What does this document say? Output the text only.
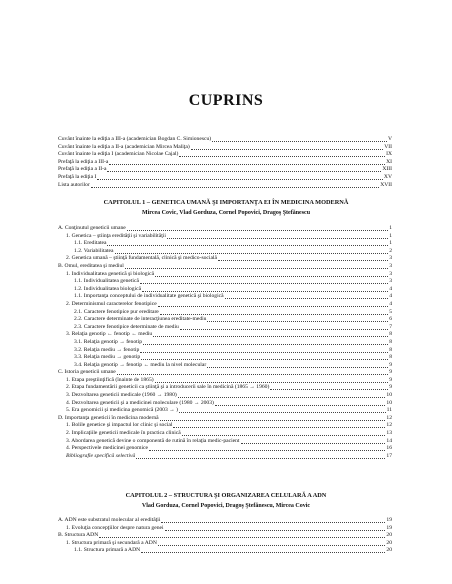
CUPRINS
Cuvânt înainte la ediţia a III-a (academician Bogdan C. Simionescu)	V
Cuvânt înainte la ediţia a II-a (academician Mircea Maliţa)	VII
Cuvânt înainte la ediţia I (academician Nicolae Cajal)	IX
Prefaţă la ediţia a III-a	XI
Prefaţă la ediţia a II-a	XIII
Prefaţă la ediţia I	XV
Lista autorilor	XVII
CAPITOLUL 1 – GENETICA UMANĂ ŞI IMPORTANŢA EI ÎN MEDICINA MODERNĂ
Mircea Covic, Vlad Gorduza, Cornel Popovici, Dragoş Ştefănescu
A. Conţinutul geneticii umane	1
1. Genetica – ştiinţa eredităţii şi variabilităţii	1
1.1. Ereditatea	1
1.2. Variabilitatea	2
2. Genetica umană – ştiinţă fundamentală, clinică şi medico-socială	3
B. Omul, ereditatea şi mediul	3
1. Individualitatea genetică şi biologică	3
1.1. Individualitatea genetică	3
1.2. Individualitatea biologică	4
1.1. Importanţa conceptului de individualitate genetică şi biologică	4
2. Determinismul caracterelor fenotipice	4
2.1. Caractere fenotipice pur ereditare	5
2.2. Caractere determinate de interacţiunea ereditate-mediu	6
2.3. Caractere fenotipice determinate de mediu	7
3. Relaţia genotip ← fenotip ← mediu	8
3.1. Relaţia genotip → fenotip	8
3.2. Relaţia mediu → fenotip	8
3.3. Relaţia mediu → genotip	8
3.4. Relaţia genotip → fenotip ← mediu la nivel molecular	9
C. Istoria geneticii umane	9
1. Etapa preştiinţifică (înainte de 1865)	9
2. Etapa fundamentării geneticii ca ştiinţă şi a introducerii sale în medicină (1865 → 1960)	9
3. Dezvoltarea geneticii medicale (1960 → 1980)	10
4. Dezvoltarea geneticii şi a medicinei moleculare (1980 → 2003)	10
5. Era genomicii şi medicina genomică (2003 → )	11
D. Importanţa geneticii în medicina modernă	12
1. Bolile genetice şi impactul lor clinic şi social	12
2. Implicaţiile geneticii medicale în practica clinică	13
3. Abordarea genetică devine o componentă de rutină în relaţia medic-pacient	14
4. Perspectivele medicinei genomice	16
Bibliografie specifică selectivă	17
CAPITOLUL 2 – STRUCTURA ŞI ORGANIZAREA CELULARĂ A ADN
Vlad Gorduza, Cornel Popovici, Dragoş Ştefănescu, Mircea Covic
A. ADN este substratul molecular al eredităţii	19
1. Evoluţia concepţiilor despre natura genei	19
B. Structura ADN	20
1. Structura primară şi secundară a ADN	20
1.1. Structura primară a ADN	20
